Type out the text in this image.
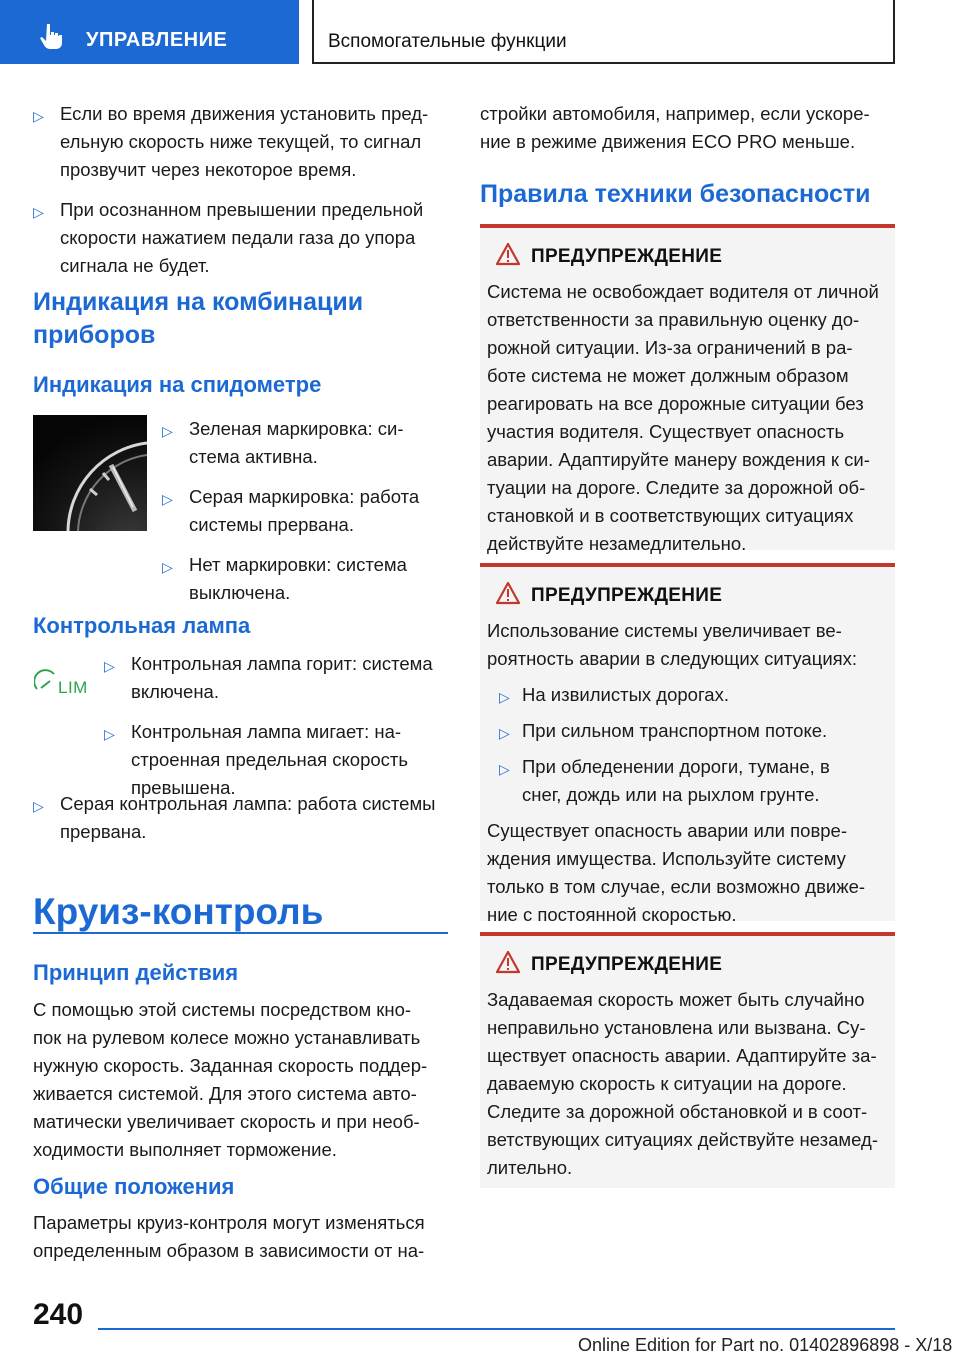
УПРАВЛЕНИЕ	Вспомогательные функции
▷ Если во время движения установить пред-
ельную скорость ниже текущей, то сигнал
прозвучит через некоторое время.
▷ При осознанном превышении предельной
скорости нажатием педали газа до упора
сигнала не будет.
Индикация на комбинации
приборов
Индикация на спидометре
▷ Зеленая маркировка: си-
стема активна.
▷ Серая маркировка: работа
системы прервана.
▷ Нет маркировки: система
выключена.
Контрольная лампа
LIM
▷ Контрольная лампа горит: система
включена.
▷ Контрольная лампа мигает: на-
строенная предельная скорость
превышена.
▷ Серая контрольная лампа: работа системы
прервана.
Круиз-контроль
Принцип действия

С помощью этой системы посредством кно-
пок на рулевом колесе можно устанавливать
нужную скорость. Заданная скорость поддер-
живается системой. Для этого система авто-
матически увеличивает скорость и при необ-
ходимости выполняет торможение.

Общие положения

Параметры круиз-контроля могут изменяться
определенным образом в зависимости от на-

стройки автомобиля, например, если ускоре-
ние в режиме движения ECO PRO меньше.

Правила техники безопасности
ПРЕДУПРЕЖДЕНИЕ

Система не освобождает водителя от личной
ответственности за правильную оценку до-
рожной ситуации. Из-за ограничений в ра-
боте система не может должным образом
реагировать на все дорожные ситуации без
участия водителя. Существует опасность
аварии. Адаптируйте манеру вождения к си-
туации на дороге. Следите за дорожной об-
становкой и в соответствующих ситуациях
действуйте незамедлительно.

ПРЕДУПРЕЖДЕНИЕ

Использование системы увеличивает ве-
роятность аварии в следующих ситуациях:

▷ На извилистых дорогах.
▷ При сильном транспортном потоке.
▷ При обледенении дороги, тумане, в
снег, дождь или на рыхлом грунте.

Существует опасность аварии или повре-
ждения имущества. Используйте систему
только в том случае, если возможно движе-
ние с постоянной скоростью.

ПРЕДУПРЕЖДЕНИЕ

Задаваемая скорость может быть случайно
неправильно установлена или вызвана. Су-
ществует опасность аварии. Адаптируйте за-
даваемую скорость к ситуации на дороге.
Следите за дорожной обстановкой и в соот-
ветствующих ситуациях действуйте незамед-
лительно.

240
Online Edition for Part no. 01402896898 - X/18
